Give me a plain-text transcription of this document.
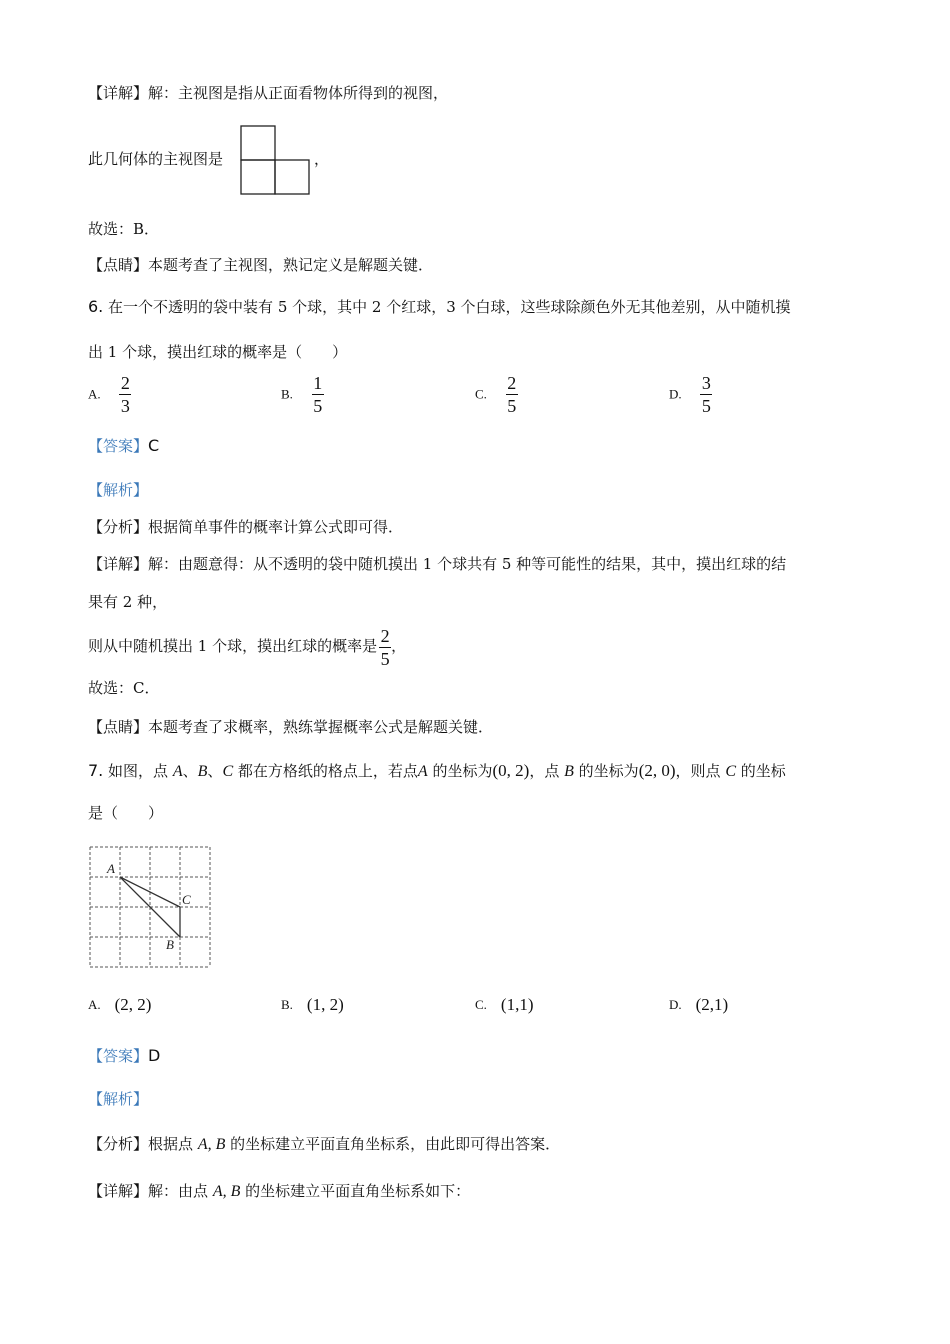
【详解】解：主视图是指从正面看物体所得到的视图，
此几何体的主视图是	，
故选：B．
【点睛】本题考查了主视图，熟记定义是解题关键．
6. 在一个不透明的袋中装有 5 个球，其中 2 个红球，3 个白球，这些球除颜色外无其他差别，从中随机摸
出 1 个球，摸出红球的概率是（　　）
A. $\frac{2}{3}$	B. $\frac{1}{5}$	C. $\frac{2}{5}$	D. $\frac{3}{5}$
【答案】C
【解析】
【分析】根据简单事件的概率计算公式即可得．
【详解】解：由题意得：从不透明的袋中随机摸出 1 个球共有 5 种等可能性的结果，其中，摸出红球的结
果有 2 种，
则从中随机摸出 1 个球，摸出红球的概率是 $\frac{2}{5}$ ，
故选：C．
【点睛】本题考查了求概率，熟练掌握概率公式是解题关键．
7. 如图，点 A、B、C 都在方格纸的格点上，若点A 的坐标为(0, 2)，点 B 的坐标为(2, 0)，则点 C 的坐标
是（　　）
A
C
B
A. (2, 2)	B. (1, 2)	C. (1,1)	D. (2,1)
【答案】D
【解析】
【分析】根据点 A, B 的坐标建立平面直角坐标系，由此即可得出答案．
【详解】解：由点 A, B 的坐标建立平面直角坐标系如下：
